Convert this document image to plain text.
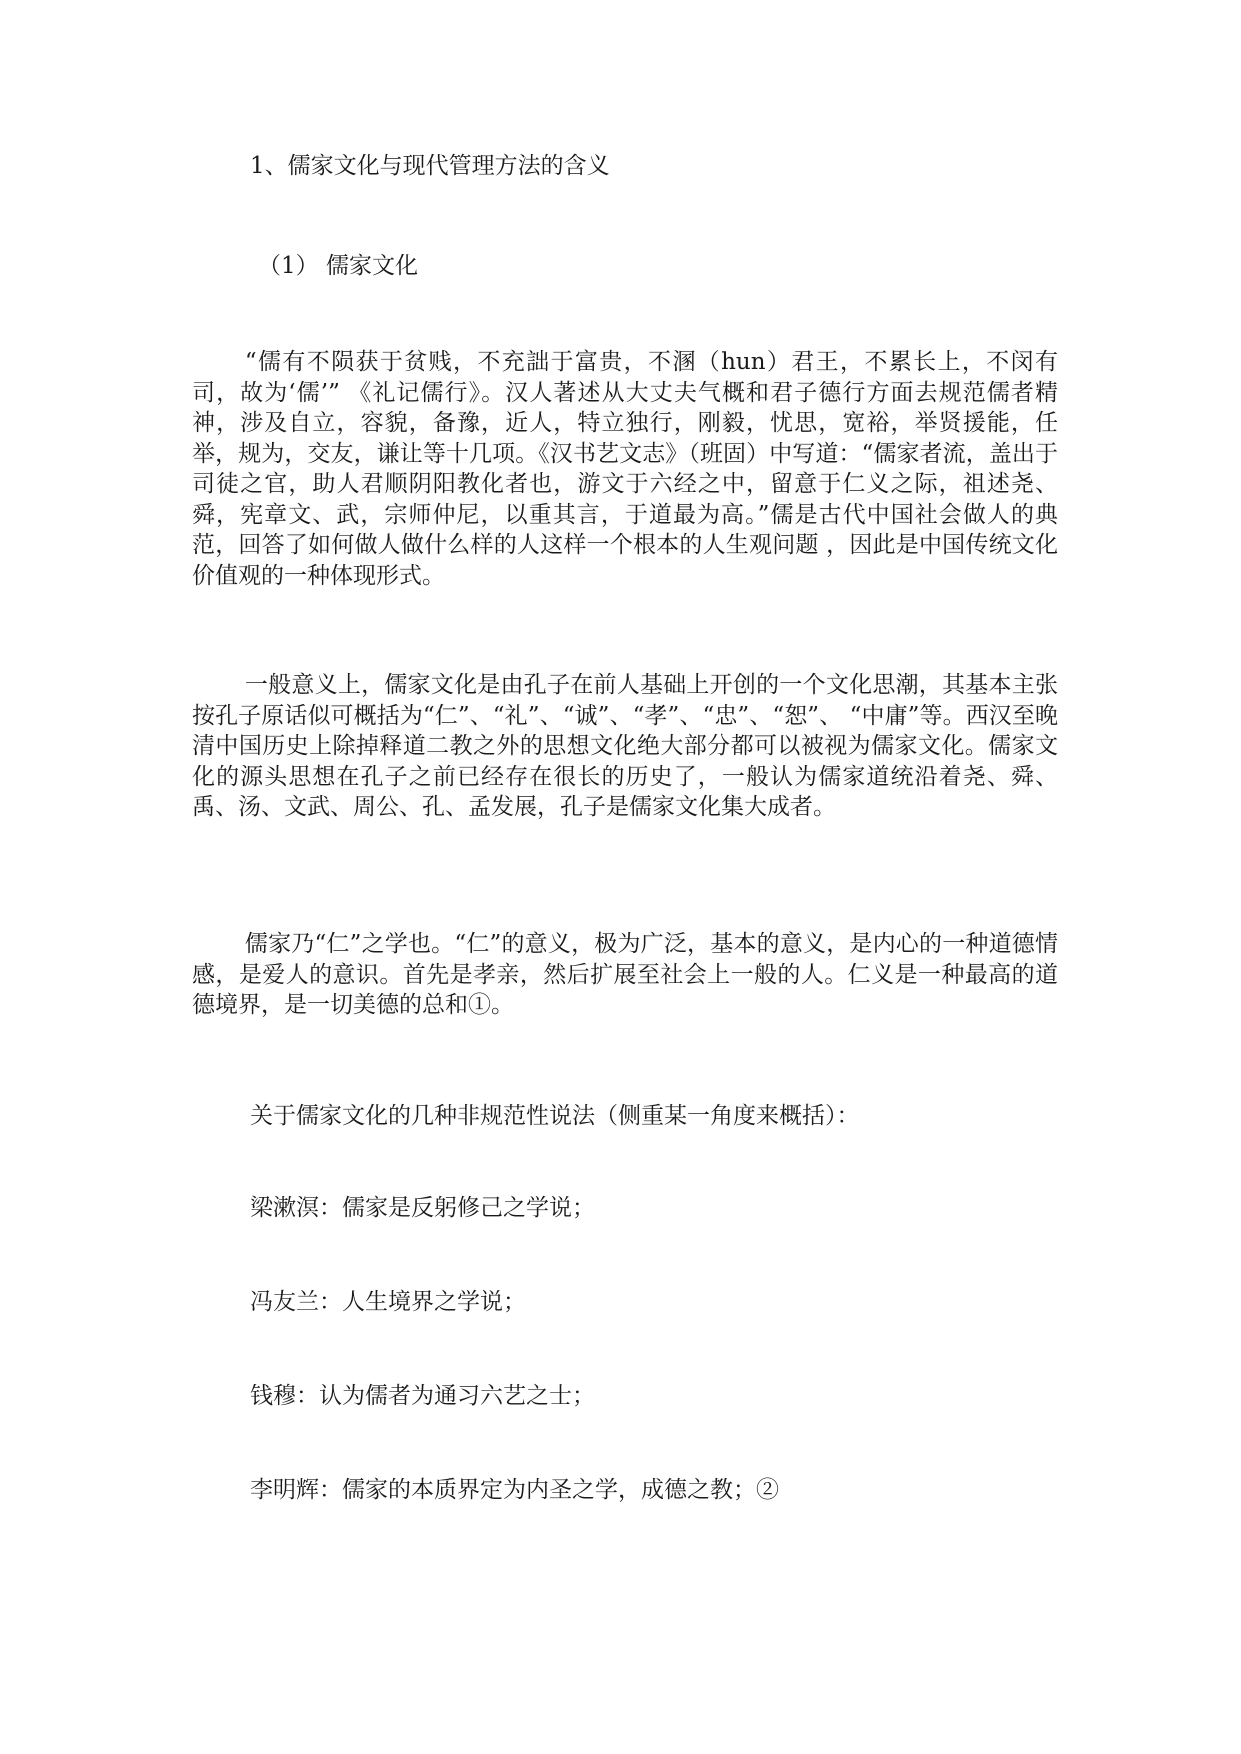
1、儒家文化与现代管理方法的含义
（1） 儒家文化

“儒有不陨获于贫贱，不充詘于富贵，不溷（hun）君王，不累长上，不闵有司，故为‘儒’” 《礼记儒行》。汉人著述从大丈夫气概和君子德行方面去规范儒者精神，涉及自立，容貌，备豫，近人，特立独行，刚毅，忧思，宽裕，举贤援能，任举，规为，交友，谦让等十几项。《汉书艺文志》（班固）中写道：“儒家者流，盖出于司徒之官，助人君顺阴阳教化者也，游文于六经之中，留意于仁义之际，祖述尧、舜，宪章文、武，宗师仲尼，以重其言，于道最为高。”儒是古代中国社会做人的典范，回答了如何做人做什么样的人这样一个根本的人生观问题 ，因此是中国传统文化价值观的一种体现形式。

一般意义上，儒家文化是由孔子在前人基础上开创的一个文化思潮，其基本主张按孔子原话似可概括为“仁”、“礼”、“诚”、“孝”、“忠”、“恕”、 “中庸”等。西汉至晚清中国历史上除掉释道二教之外的思想文化绝大部分都可以被视为儒家文化。儒家文化的源头思想在孔子之前已经存在很长的历史了，一般认为儒家道统沿着尧、舜、禹、汤、文武、周公、孔、孟发展，孔子是儒家文化集大成者。

儒家乃“仁”之学也。“仁”的意义，极为广泛，基本的意义，是内心的一种道德情感，是爱人的意识。首先是孝亲，然后扩展至社会上一般的人。仁义是一种最高的道德境界，是一切美德的总和①。

关于儒家文化的几种非规范性说法（侧重某一角度来概括）：

梁漱溟：儒家是反躬修己之学说；

冯友兰：人生境界之学说；

钱穆：认为儒者为通习六艺之士；

李明辉：儒家的本质界定为内圣之学，成德之教；②
